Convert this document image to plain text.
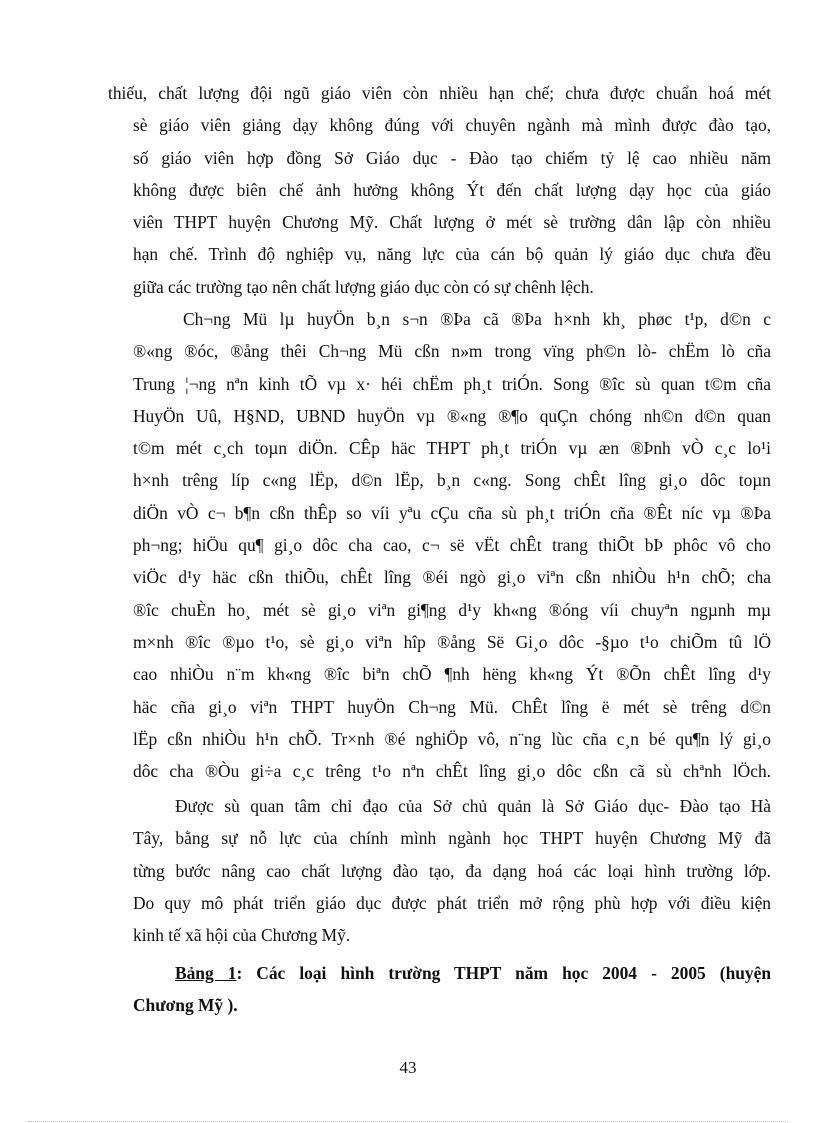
thiếu, chất lượng đội ngũ giáo viên còn nhiều hạn chế; chưa được chuẩn hoá mét
sè giáo viên giảng dạy không đúng với chuyên ngành mà mình được đào tạo,
số giáo viên hợp đồng Sở Giáo dục - Đào tạo chiếm tỷ lệ cao nhiều năm
không được biên chế ảnh hưởng không Ýt đến chất lượng dạy học của giáo
viên THPT huyện Chương Mỹ. Chất lượng ở mét sè trường dân lập còn nhiều
hạn chế. Trình độ nghiệp vụ, năng lực của cán bộ quản lý giáo dục chưa đều
giữa các trường tạo nên chất lượng giáo dục còn có sự chênh lệch.
Ch¬ng Mü lµ huyÖn b¸n s¬n ®Þa cã ®Þa h×nh kh¸ phøc t¹p, d©n c
®«ng ®óc, ®ång thêi Ch¬ng Mü cßn n»m trong vïng ph©n lò- chËm lò cña
Trung ¦¬ng nªn kinh tÕ vµ x· héi chËm ph¸t triÓn. Song ®îc sù quan t©m cña
HuyÖn Uû, H§ND, UBND huyÖn vµ ®«ng ®¶o quÇn chóng nh©n d©n quan
t©m mét c¸ch toµn diÖn. CÊp häc THPT ph¸t triÓn vµ æn ®Þnh vÒ c¸c lo¹i
h×nh trêng líp c«ng lËp, d©n lËp, b¸n c«ng. Song chÊt lîng gi¸o dôc toµn
diÖn vÒ c¬ b¶n cßn thÊp so víi yªu cÇu cña sù ph¸t triÓn cña ®Êt níc vµ ®Þa
ph¬ng; hiÖu qu¶ gi¸o dôc cha cao, c¬ së vËt chÊt trang thiÕt bÞ phôc vô cho
viÖc d¹y häc cßn thiÕu, chÊt lîng ®éi ngò gi¸o viªn cßn nhiÒu h¹n chÕ; cha
®îc chuÈn ho¸ mét sè gi¸o viªn gi¶ng d¹y kh«ng ®óng víi chuyªn ngµnh mµ
m×nh ®îc ®µo t¹o, sè gi¸o viªn hîp ®ång Së Gi¸o dôc -§µo t¹o chiÕm tû lÖ
cao nhiÒu n¨m kh«ng ®îc biªn chÕ ¶nh hëng kh«ng Ýt ®Õn chÊt lîng d¹y
häc cña gi¸o viªn THPT huyÖn Ch¬ng Mü. ChÊt lîng ë mét sè trêng d©n
lËp cßn nhiÒu h¹n chÕ. Tr×nh ®é nghiÖp vô, n¨ng lùc cña c¸n bé qu¶n lý gi¸o
dôc cha ®Òu gi÷a c¸c trêng t¹o nªn chÊt lîng gi¸o dôc cßn cã sù chªnh lÖch.
Được sù quan tâm chỉ đạo của Sở chủ quản là Sở Giáo dục- Đào tạo Hà
Tây, bằng sự nỗ lực của chính mình ngành học THPT huyện Chương Mỹ đã
từng bước nâng cao chất lượng đào tạo, đa dạng hoá các loại hình trường lớp.
Do quy mô phát triển giáo dục được phát triển mở rộng phù hợp với điều kiện
kinh tế xã hội của Chương Mỹ.
Bảng 1: Các loại hình trường THPT năm học 2004 - 2005 (huyện
Chương Mỹ ).
43
